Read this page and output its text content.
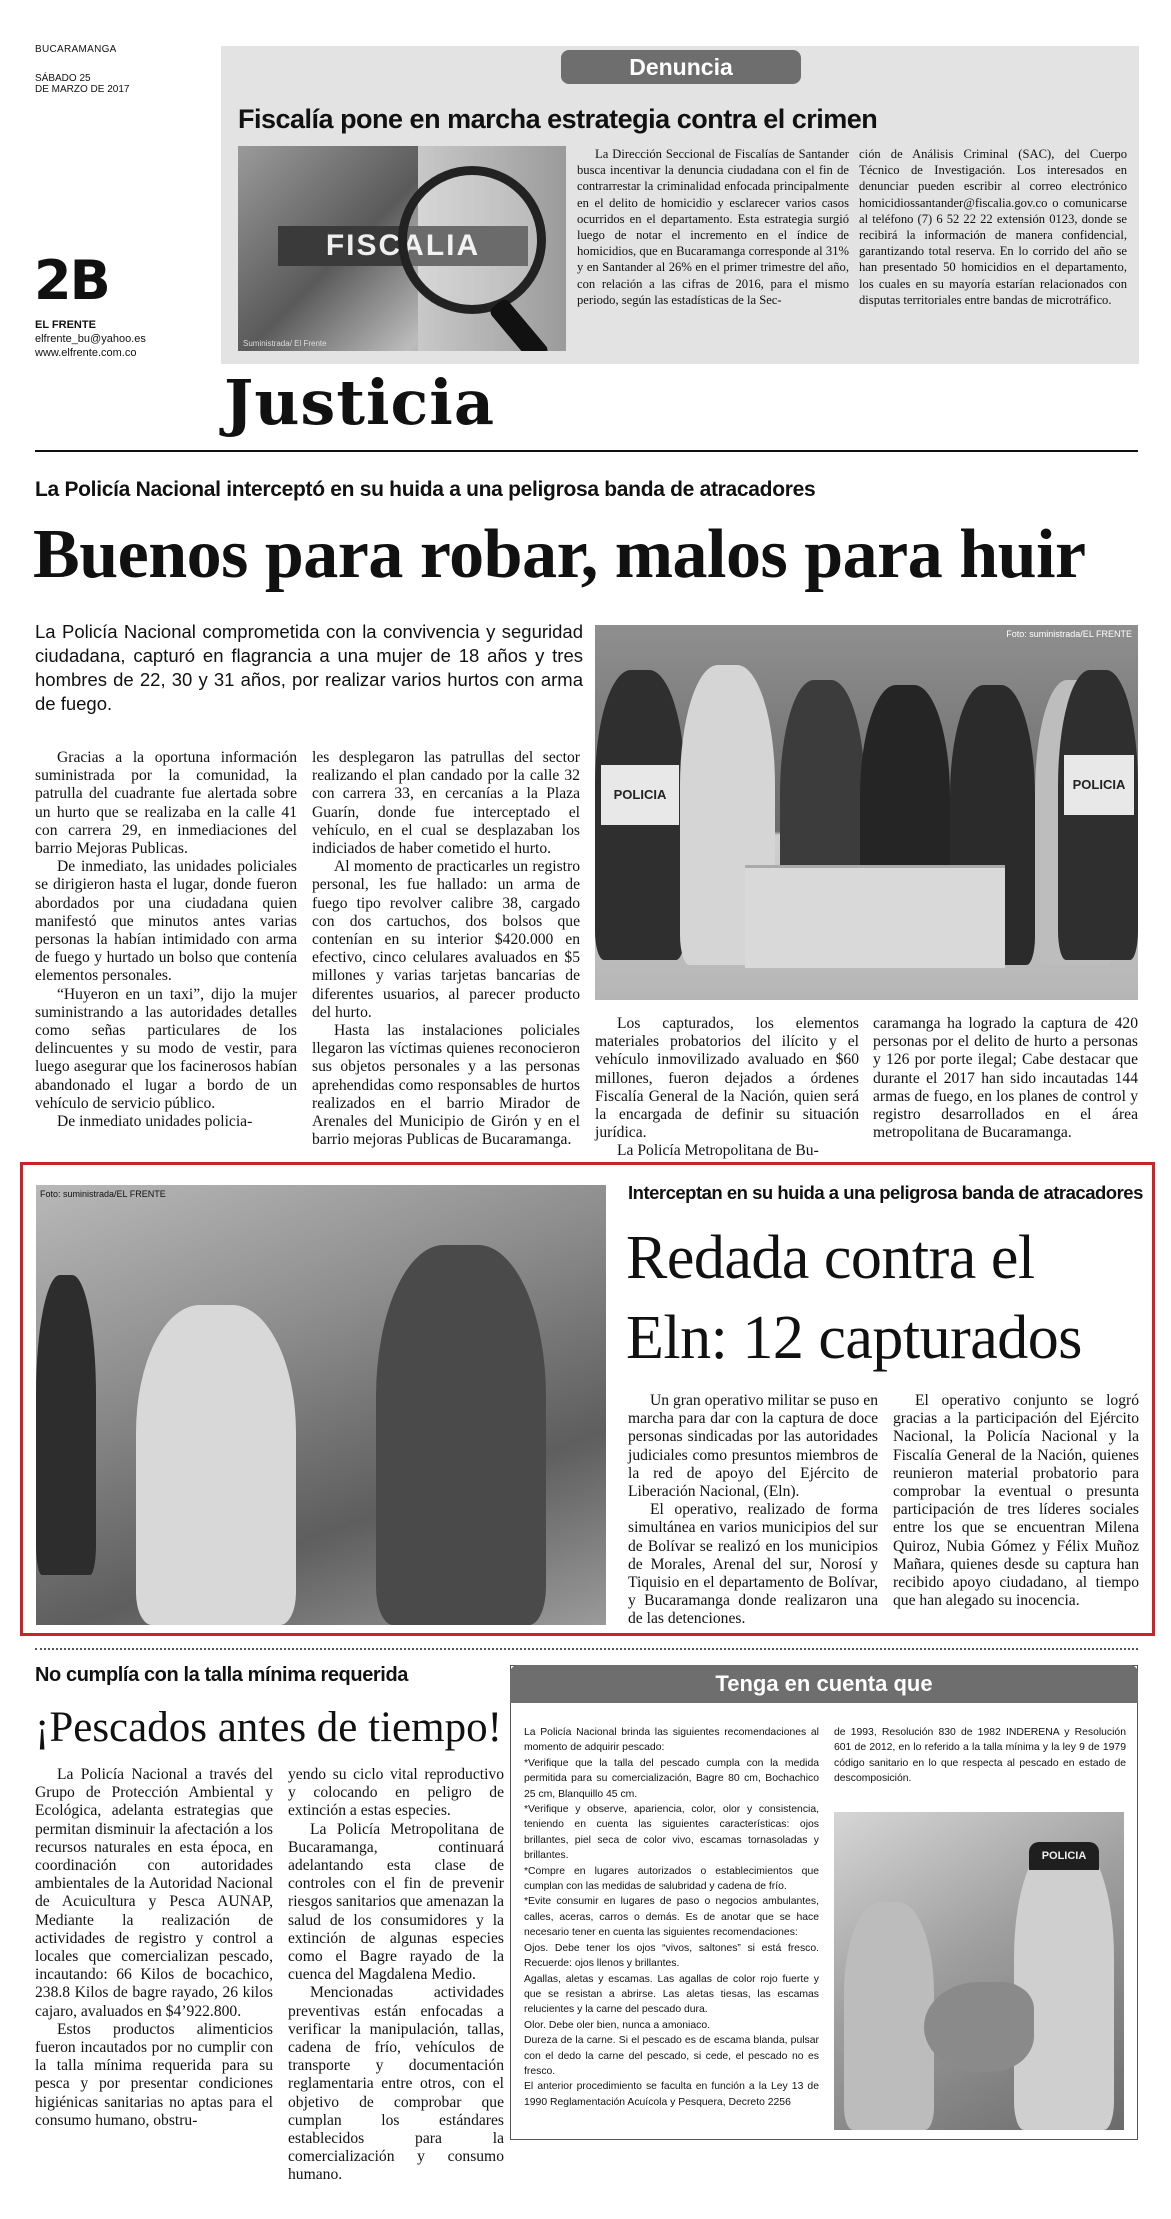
BUCARAMANGA
SÁBADO 25
DE MARZO DE 2017
2B
EL FRENTE
elfrente_bu@yahoo.es
www.elfrente.com.co
Denuncia
Fiscalía pone en marcha estrategia contra el crimen
FISCALIA
Suministrada/ El Frente
La Dirección Seccional de Fiscalías de Santander busca incentivar la denuncia ciudadana con el fin de contrarrestar la criminalidad enfocada principalmente en el delito de homicidio y esclarecer varios casos ocurridos en el departamento. Esta estrategia surgió luego de notar el incremento en el índice de homicidios, que en Bucaramanga corresponde al 31% y en Santander al 26% en el primer trimestre del año, con relación a las cifras de 2016, para el mismo periodo, según las estadísticas de la Sec-
ción de Análisis Criminal (SAC), del Cuerpo Técnico de Investigación. Los interesados en denunciar pueden escribir al correo electrónico homicidiossantander@fiscalia.gov.co o comunicarse al teléfono (7) 6 52 22 22 extensión 0123, donde se recibirá la información de manera confidencial, garantizando total reserva. En lo corrido del año se han presentado 50 homicidios en el departamento, los cuales en su mayoría estarían relacionados con disputas territoriales entre bandas de microtráfico.
Justicia
La Policía Nacional interceptó en su huida a una peligrosa banda de atracadores
Buenos para robar, malos para huir
La Policía Nacional comprometida con la convivencia y seguridad ciudadana, capturó en flagrancia a una mujer de 18 años y tres hombres de 22, 30 y 31 años, por realizar varios hurtos con arma de fuego.
Foto: suministrada/EL FRENTE
POLICIA
POLICIA

Gracias a la oportuna información suministrada por la comunidad, la patrulla del cuadrante fue alertada sobre un hurto que se realizaba en la calle 41 con carrera 29, en inmediaciones del barrio Mejoras Publicas.

De inmediato, las unidades policiales se dirigieron hasta el lugar, donde fueron abordados por una ciudadana quien manifestó que minutos antes varias personas la habían intimidado con arma de fuego y hurtado un bolso que contenía elementos personales.

“Huyeron en un taxi”, dijo la mujer suministrando a las autoridades detalles como señas particulares de los delincuentes y su modo de vestir, para luego asegurar que los facinerosos habían abandonado el lugar a bordo de un vehículo de servicio público.

De inmediato unidades policia-

les desplegaron las patrullas del sector realizando el plan candado por la calle 32 con carrera 33, en cercanías a la Plaza Guarín, donde fue interceptado el vehículo, en el cual se desplazaban los indiciados de haber cometido el hurto.

Al momento de practicarles un registro personal, les fue hallado: un arma de fuego tipo revolver calibre 38, cargado con dos cartuchos, dos bolsos que contenían en su interior $420.000 en efectivo, cinco celulares avaluados en $5 millones y varias tarjetas bancarias de diferentes usuarios, al parecer producto del hurto.

Hasta las instalaciones policiales llegaron las víctimas quienes reconocieron sus objetos personales y a las personas aprehendidas como responsables de hurtos realizados en el barrio Mirador de Arenales del Municipio de Girón y en el barrio mejoras Publicas de Bucaramanga.

Los capturados, los elementos materiales probatorios del ilícito y el vehículo inmovilizado avaluado en $60 millones, fueron dejados a órdenes Fiscalía General de la Nación, quien será la encargada de definir su situación jurídica.

La Policía Metropolitana de Bu-

caramanga ha logrado la captura de 420 personas por el delito de hurto a personas y 126 por porte ilegal; Cabe destacar que durante el 2017 han sido incautadas 144 armas de fuego, en los planes de control y registro desarrollados en el área metropolitana de Bucaramanga.

Foto: suministrada/EL FRENTE	Interceptan en su huida a una peligrosa banda de atracadores
Redada contra el
Eln: 12 capturados

Un gran operativo militar se puso en marcha para dar con la captura de doce personas sindicadas por las autoridades judiciales como presuntos miembros de la red de apoyo del Ejército de Liberación Nacional, (Eln).

El operativo, realizado de forma simultánea en varios municipios del sur de Bolívar se realizó en los municipios de Morales, Arenal del sur, Norosí y Tiquisio en el departamento de Bolívar, y Bucaramanga donde realizaron una de las detenciones.

El operativo conjunto se logró gracias a la participación del Ejército Nacional, la Policía Nacional y la Fiscalía General de la Nación, quienes reunieron material probatorio para comprobar la eventual o presunta participación de tres líderes sociales entre los que se encuentran Milena Quiroz, Nubia Gómez y Félix Muñoz Mañara, quienes desde su captura han recibido apoyo ciudadano, al tiempo que han alegado su inocencia.

No cumplía con la talla mínima requerida
¡Pescados antes de tiempo!

La Policía Nacional a través del Grupo de Protección Ambiental y Ecológica, adelanta estrategias que permitan disminuir la afectación a los recursos naturales en esta época, en coordinación con autoridades ambientales de la Autoridad Nacional de Acuicultura y Pesca AUNAP, Mediante la realización de actividades de registro y control a locales que comercializan pescado, incautando: 66 Kilos de bocachico, 238.8 Kilos de bagre rayado, 26 kilos cajaro, avaluados en $4’922.800.

Estos productos alimenticios fueron incautados por no cumplir con la talla mínima requerida para su pesca y por presentar condiciones higiénicas sanitarias no aptas para el consumo humano, obstru-

yendo su ciclo vital reproductivo y colocando en peligro de extinción a estas especies.

La Policía Metropolitana de Bucaramanga, continuará adelantando esta clase de controles con el fin de prevenir riesgos sanitarios que amenazan la salud de los consumidores y la extinción de algunas especies como el Bagre rayado de la cuenca del Magdalena Medio.

Mencionadas actividades preventivas están enfocadas a verificar la manipulación, tallas, cadena de frío, vehículos de transporte y documentación reglamentaria entre otros, con el objetivo de comprobar que cumplan los estándares establecidos para la comercialización y consumo humano.

Tenga en cuenta que

La Policía Nacional brinda las siguientes recomendaciones al momento de adquirir pescado:

*Verifique que la talla del pescado cumpla con la medida permitida para su comercialización, Bagre 80 cm, Bochachico 25 cm, Blanquillo 45 cm.

*Verifique y observe, apariencia, color, olor y consistencia, teniendo en cuenta las siguientes características: ojos brillantes, piel seca de color vivo, escamas tornasoladas y brillantes.

*Compre en lugares autorizados o establecimientos que cumplan con las medidas de salubridad y cadena de frío.

*Evite consumir en lugares de paso o negocios ambulantes, calles, aceras, carros o demás. Es de anotar que se hace necesario tener en cuenta las siguientes recomendaciones:

Ojos. Debe tener los ojos “vivos, saltones” si está fresco. Recuerde: ojos llenos y brillantes.

Agallas, aletas y escamas. Las agallas de color rojo fuerte y que se resistan a abrirse. Las aletas tiesas, las escamas relucientes y la carne del pescado dura.

Olor. Debe oler bien, nunca a amoniaco.

Dureza de la carne. Si el pescado es de escama blanda, pulsar con el dedo la carne del pescado, si cede, el pescado no es fresco.

El anterior procedimiento se faculta en función a la Ley 13 de 1990 Reglamentación Acuícola y Pesquera, Decreto 2256

de 1993, Resolución 830 de 1982 INDERENA y Resolución 601 de 2012, en lo referido a la talla mínima y la ley 9 de 1979 código sanitario en lo que respecta al pescado en estado de descomposición.
POLICIA
